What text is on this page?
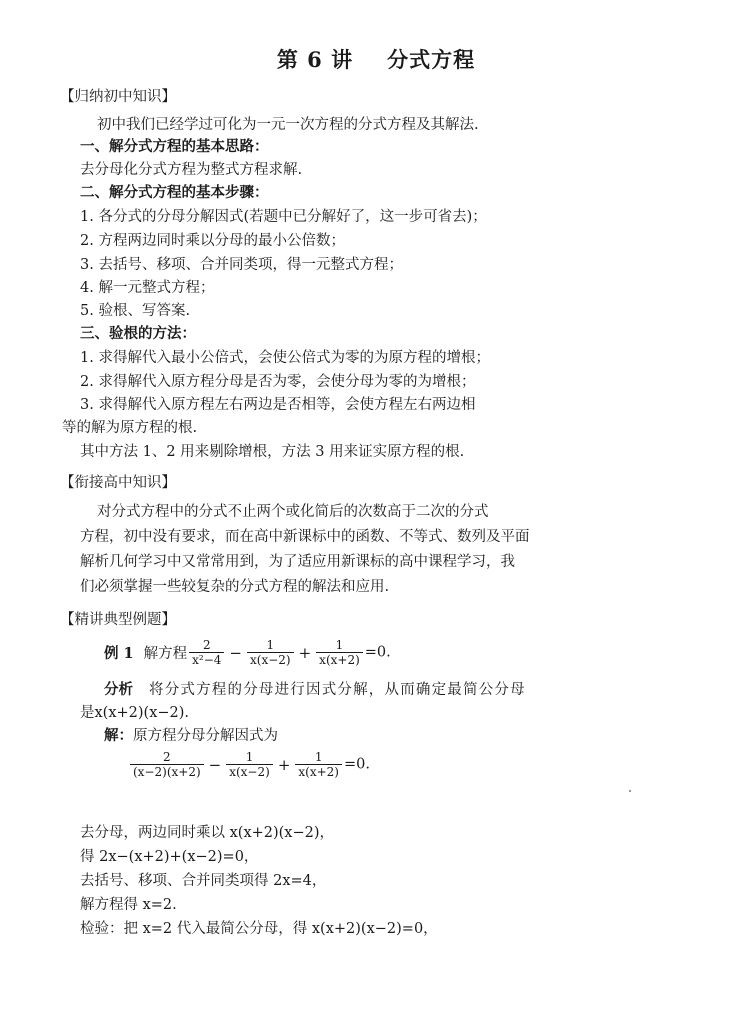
第 6 讲 分式方程
【归纳初中知识】
初中我们已经学过可化为一元一次方程的分式方程及其解法.
一、解分式方程的基本思路：
去分母化分式方程为整式方程求解.
二、解分式方程的基本步骤：
1. 各分式的分母分解因式(若题中已分解好了，这一步可省去)；
2. 方程两边同时乘以分母的最小公倍数；
3. 去括号、移项、合并同类项，得一元整式方程；
4. 解一元整式方程；
5. 验根、写答案.
三、验根的方法：
1. 求得解代入最小公倍式，会使公倍式为零的为原方程的增根；
2. 求得解代入原方程分母是否为零，会使分母为零的为增根；
3. 求得解代入原方程左右两边是否相等，会使方程左右两边相
等的解为原方程的根.
其中方法 1、2 用来剔除增根，方法 3 用来证实原方程的根.
【衔接高中知识】
对分式方程中的分式不止两个或化简后的次数高于二次的分式
方程，初中没有要求，而在高中新课标中的函数、不等式、数列及平面
解析几何学习中又常常用到，为了适应用新课标的高中课程学习，我
们必须掌握一些较复杂的分式方程的解法和应用.
【精讲典型例题】
例 1 解方程 $\frac{2}{\text{x²−4}} - \frac{1}{x(x-2)} + \frac{1}{x(x+2)} =0$.
分析 将分式方程的分母进行因式分解，从而确定最简公分母
是x(x+2)(x−2).
解：原方程分母分解因式为
$\frac{2}{(x-2)(x+2)} - \frac{1}{x(x-2)} + \frac{1}{x(x+2)} =0$.
去分母，两边同时乘以 x(x+2)(x−2)，
得 2x−(x+2)+(x−2)=0，
去括号、移项、合并同类项得 2x=4，
解方程得 x=2.
检验：把 x=2 代入最简公分母，得 x(x+2)(x−2)=0，
